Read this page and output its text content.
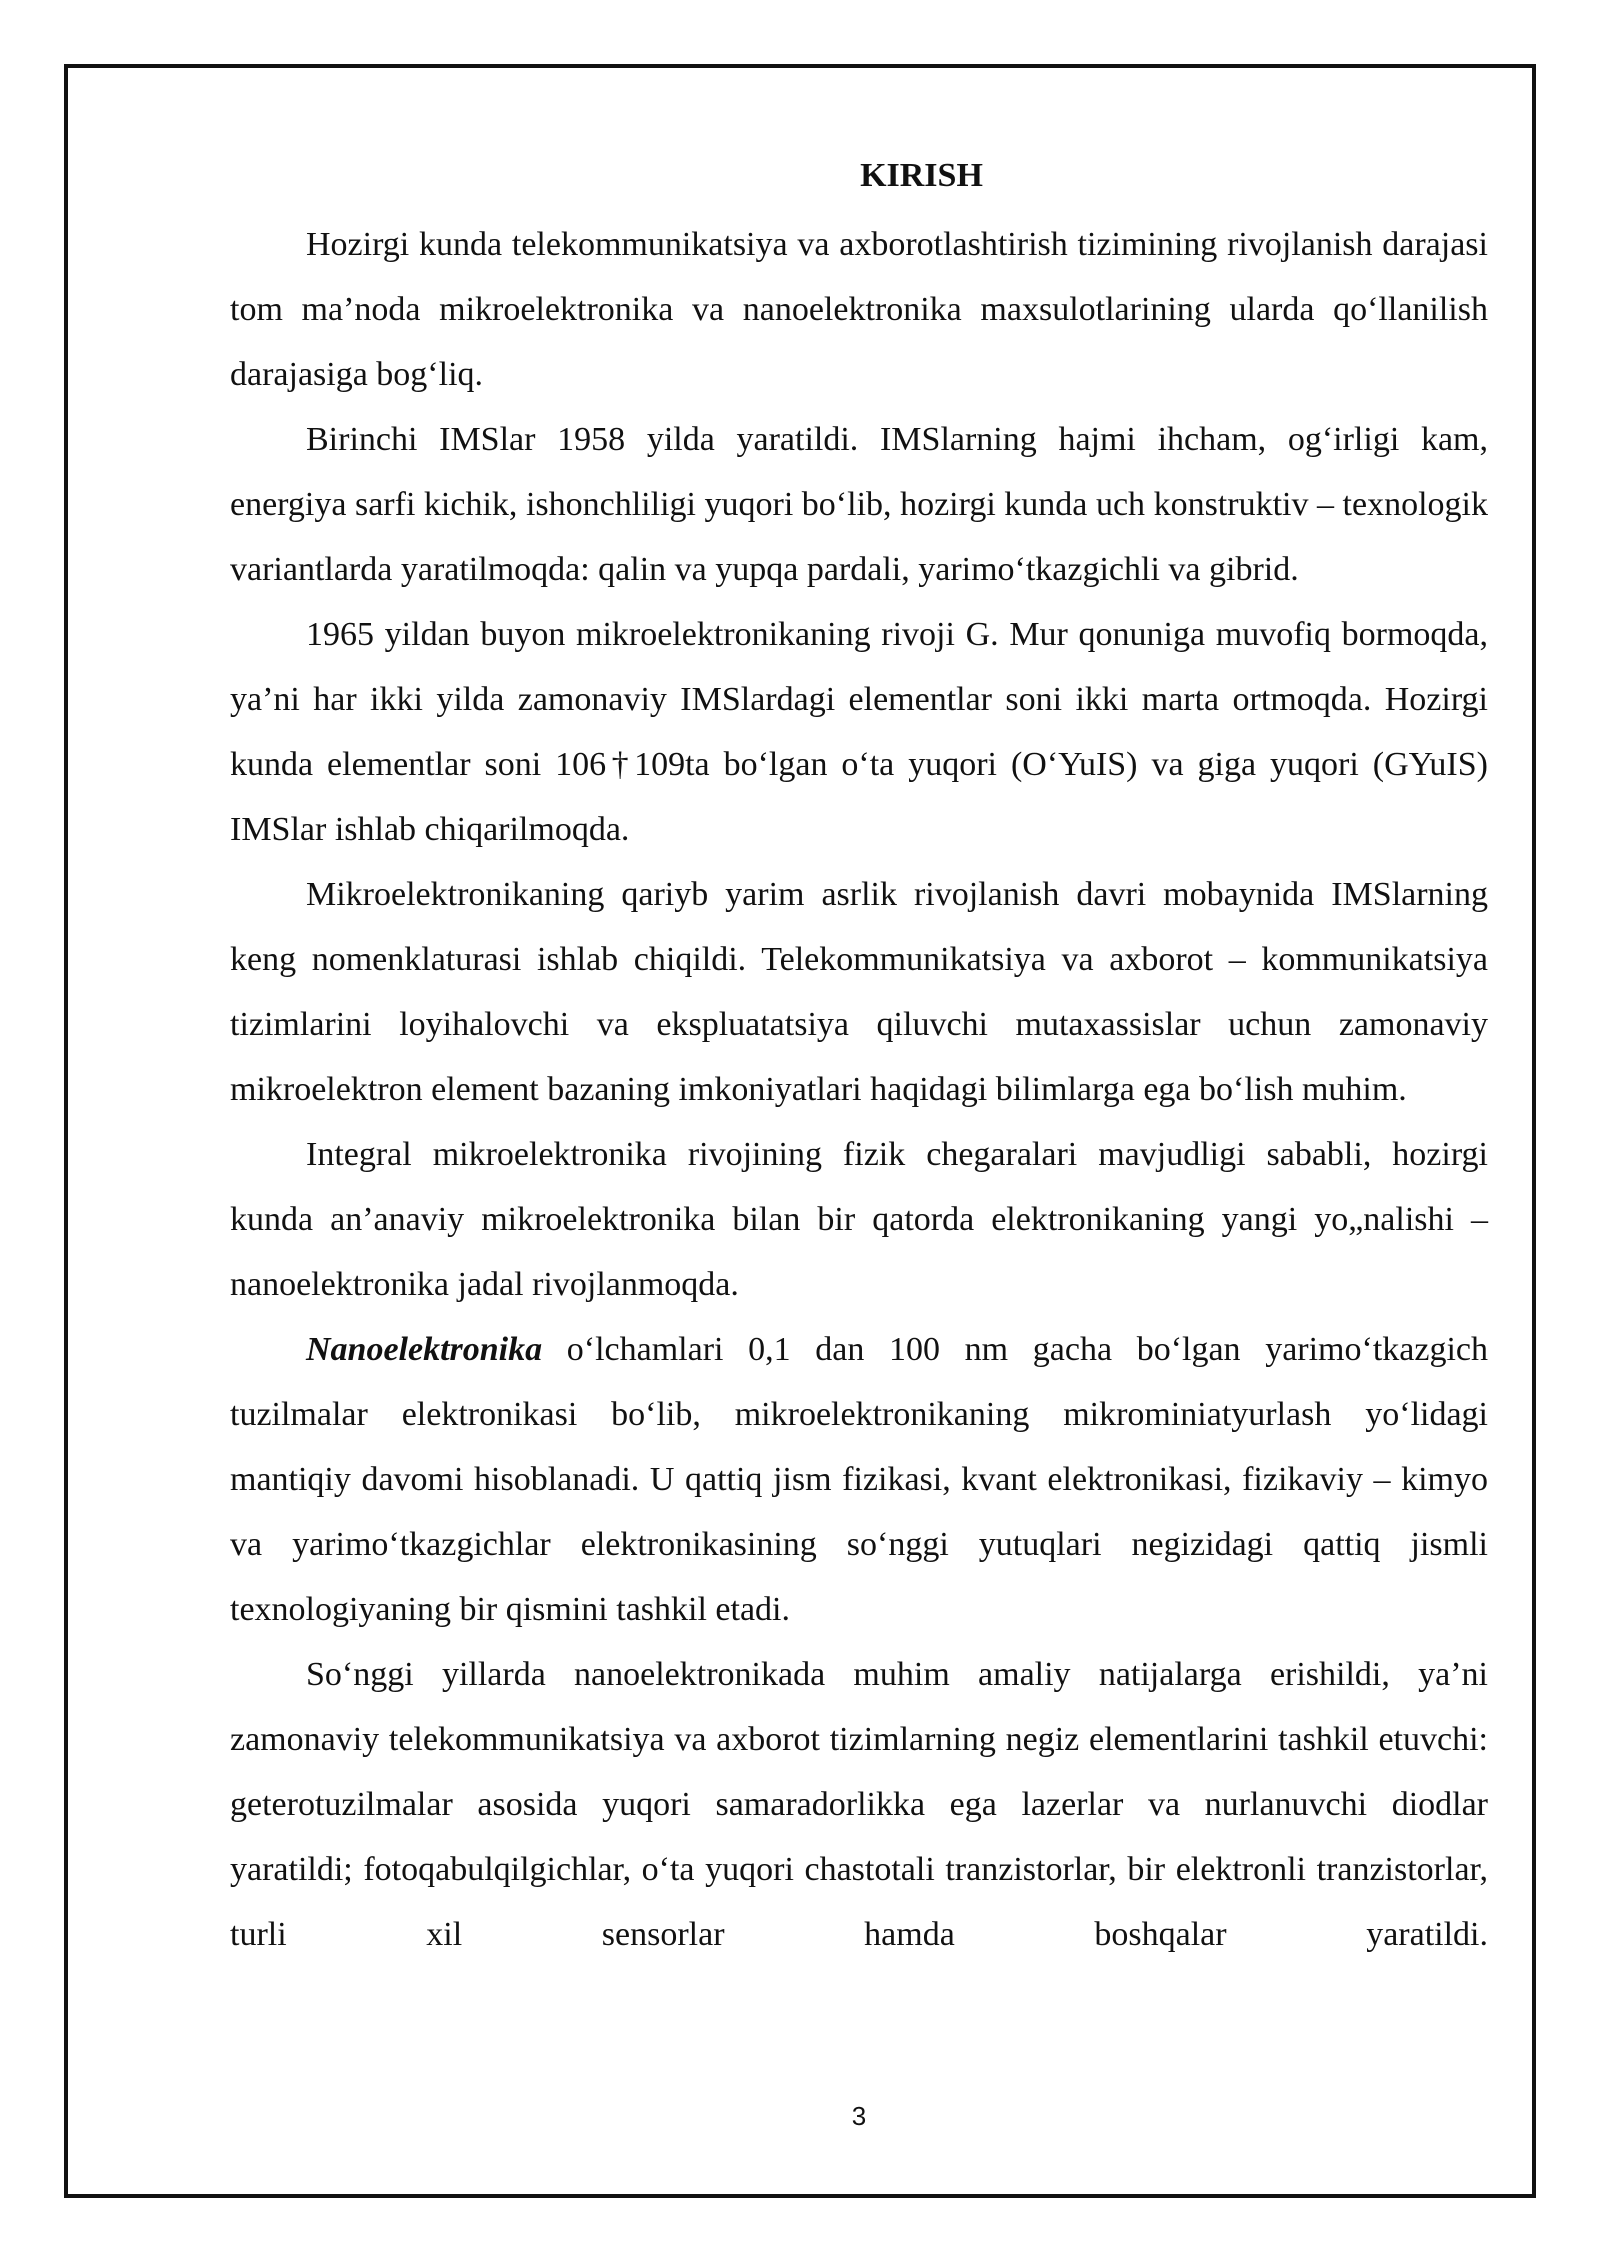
KIRISH

Hozirgi kunda telekommunikatsiya va axborotlashtirish tizimining rivojlanish darajasi tom ma’noda mikroelektronika va nanoelektronika maxsulotlarining ularda qo‘llanilish darajasiga bog‘liq.

Birinchi IMSlar 1958 yilda yaratildi. IMSlarning hajmi ihcham, og‘irligi kam, energiya sarfi kichik, ishonchliligi yuqori bo‘lib, hozirgi kunda uch konstruktiv – texnologik variantlarda yaratilmoqda: qalin va yupqa pardali, yarimo‘tkazgichli va gibrid.

1965 yildan buyon mikroelektronikaning rivoji G. Mur qonuniga muvofiq bormoqda, ya’ni har ikki yilda zamonaviy IMSlardagi elementlar soni ikki marta ortmoqda. Hozirgi kunda elementlar soni 106†109ta bo‘lgan o‘ta yuqori (O‘YuIS) va giga yuqori (GYuIS) IMSlar ishlab chiqarilmoqda.

Mikroelektronikaning qariyb yarim asrlik rivojlanish davri mobaynida IMSlarning keng nomenklaturasi ishlab chiqildi. Telekommunikatsiya va axborot – kommunikatsiya tizimlarini loyihalovchi va ekspluatatsiya qiluvchi mutaxassislar uchun zamonaviy mikroelektron element bazaning imkoniyatlari haqidagi bilimlarga ega bo‘lish muhim.

Integral mikroelektronika rivojining fizik chegaralari mavjudligi sababli, hozirgi kunda an’anaviy mikroelektronika bilan bir qatorda elektronikaning yangi yo„nalishi – nanoelektronika jadal rivojlanmoqda.

Nanoelektronika o‘lchamlari 0,1 dan 100 nm gacha bo‘lgan yarimo‘tkazgich tuzilmalar elektronikasi bo‘lib, mikroelektronikaning mikrominiatyurlash yo‘lidagi mantiqiy davomi hisoblanadi. U qattiq jism fizikasi, kvant elektronikasi, fizikaviy – kimyo va yarimo‘tkazgichlar elektronikasining so‘nggi yutuqlari negizidagi qattiq jismli texnologiyaning bir qismini tashkil etadi.

So‘nggi yillarda nanoelektronikada muhim amaliy natijalarga erishildi, ya’ni zamonaviy telekommunikatsiya va axborot tizimlarning negiz elementlarini tashkil etuvchi: geterotuzilmalar asosida yuqori samaradorlikka ega lazerlar va nurlanuvchi diodlar yaratildi; fotoqabulqilgichlar, o‘ta yuqori chastotali tranzistorlar, bir elektronli tranzistorlar, turli xil sensorlar hamda boshqalar yaratildi.

3
